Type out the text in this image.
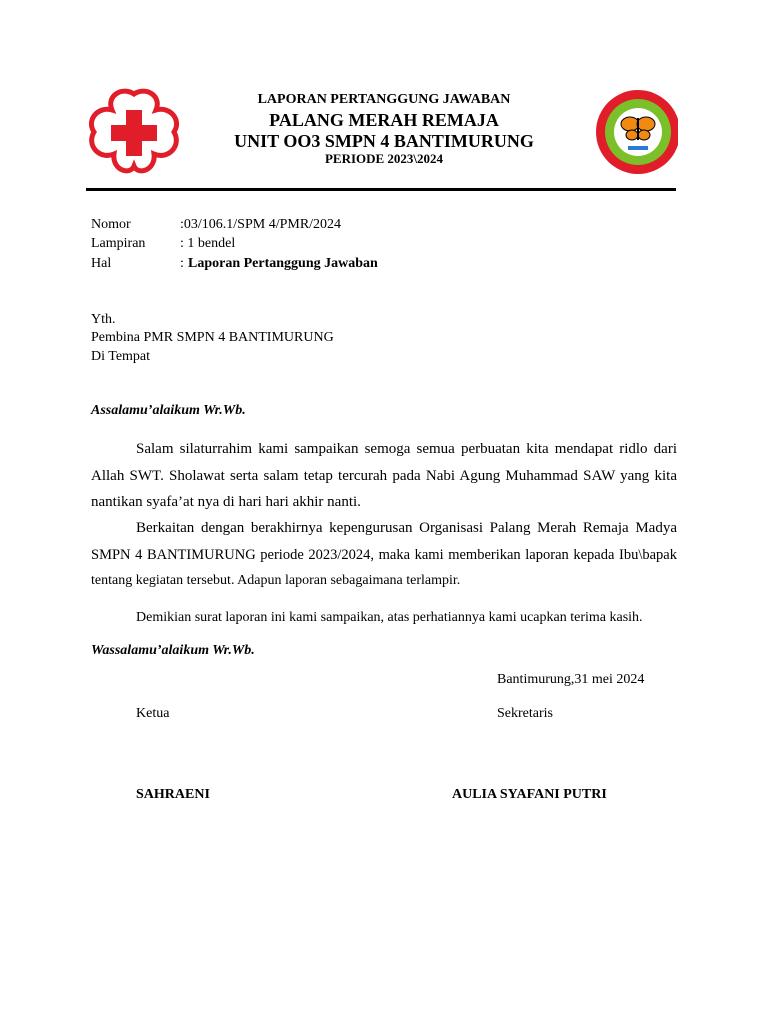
LAPORAN PERTANGGUNG JAWABAN
PALANG MERAH REMAJA
UNIT OO3 SMPN 4 BANTIMURUNG
PERIODE 2023\2024
Nomor	:03/106.1/SPM 4/PMR/2024
Lampiran : 1 bendel
Hal	: Laporan Pertanggung Jawaban
Yth.
Pembina PMR SMPN 4 BANTIMURUNG
Di Tempat
Assalamu’alaikum Wr.Wb.
Salam silaturrahim kami sampaikan semoga semua perbuatan kita mendapat ridlo dari
Allah SWT. Sholawat serta salam tetap tercurah pada Nabi Agung Muhammad SAW yang kita
nantikan syafa’at nya di hari hari akhir nanti.
Berkaitan dengan berakhirnya kepengurusan Organisasi Palang Merah Remaja Madya
SMPN 4 BANTIMURUNG periode 2023/2024, maka kami memberikan laporan kepada Ibu\bapak
tentang kegiatan tersebut. Adapun laporan sebagaimana terlampir.
Demikian surat laporan ini kami sampaikan, atas perhatiannya kami ucapkan terima kasih.
Wassalamu’alaikum Wr.Wb.
Bantimurung,31 mei 2024
Ketua	Sekretaris
SAHRAENI	AULIA SYAFANI PUTRI
